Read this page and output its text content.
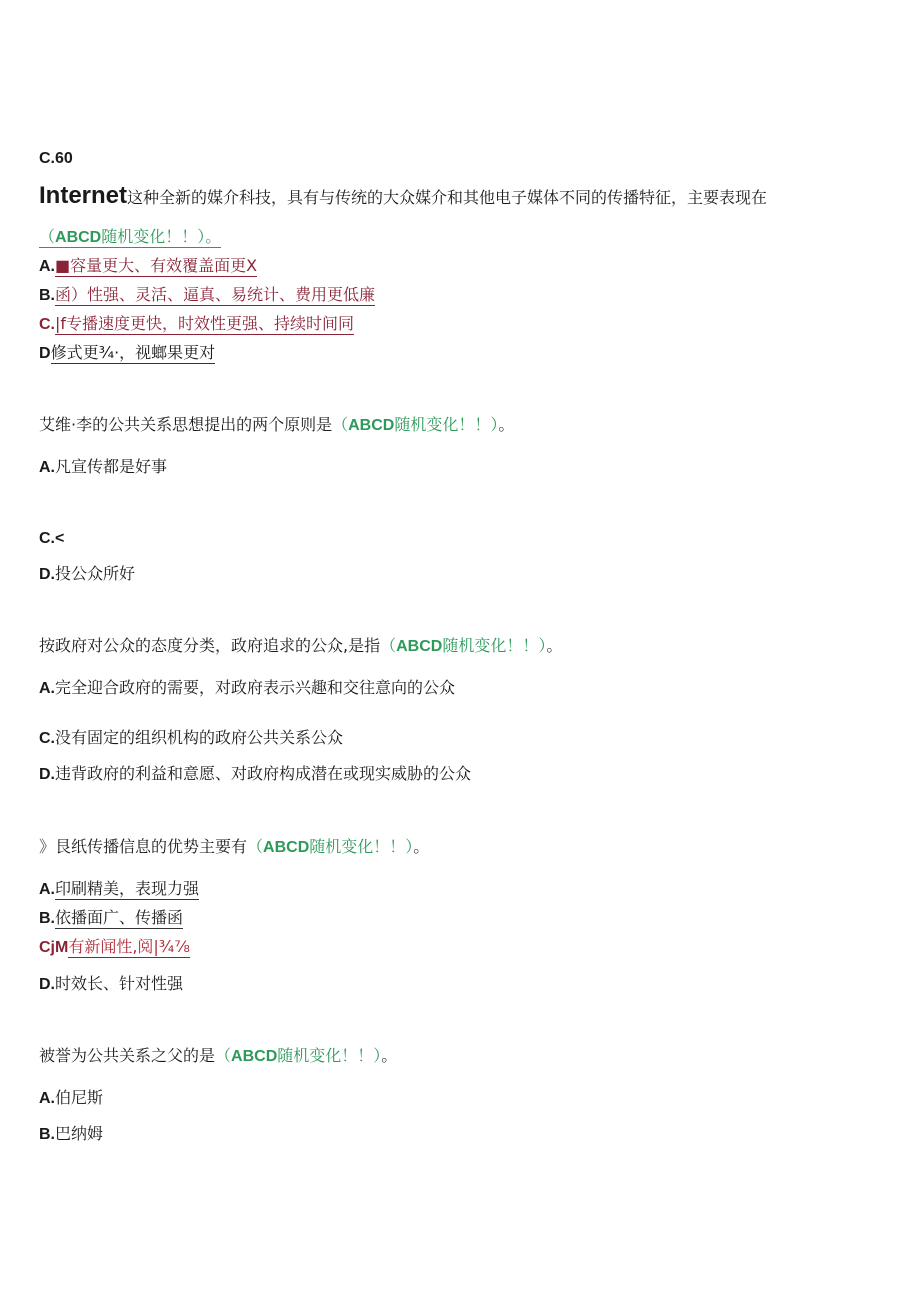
C.60
Internet这种全新的媒介科技，具有与传统的大众媒介和其他电子媒体不同的传播特征，主要表现在
（ABCD随机变化！！）。
A.■容量更大、有效覆盖面更X
B.函）性强、灵活、逼真、易统计、费用更低廉
C.|f专播速度更快，时效性更强、持续时间同
D修式更¾·，视螂果更对
艾维·李的公共关系思想提出的两个原则是（ABCD随机变化！！）。
A.凡宣传都是好事
C.<
D.投公众所好
按政府对公众的态度分类，政府追求的公众,是指（ABCD随机变化！！）。
A.完全迎合政府的需要，对政府表示兴趣和交往意向的公众
C.没有固定的组织机构的政府公共关系公众
D.违背政府的利益和意愿、对政府构成潜在或现实威胁的公众
》艮纸传播信息的优势主要有（ABCD随机变化！！）。
A.印刷精美，表现力强
B.依播面广、传播函
CjM有新闻性,阅|¾⅞
D.时效长、针对性强
被誉为公共关系之父的是（ABCD随机变化！！）。
A.伯尼斯
B.巴纳姆
